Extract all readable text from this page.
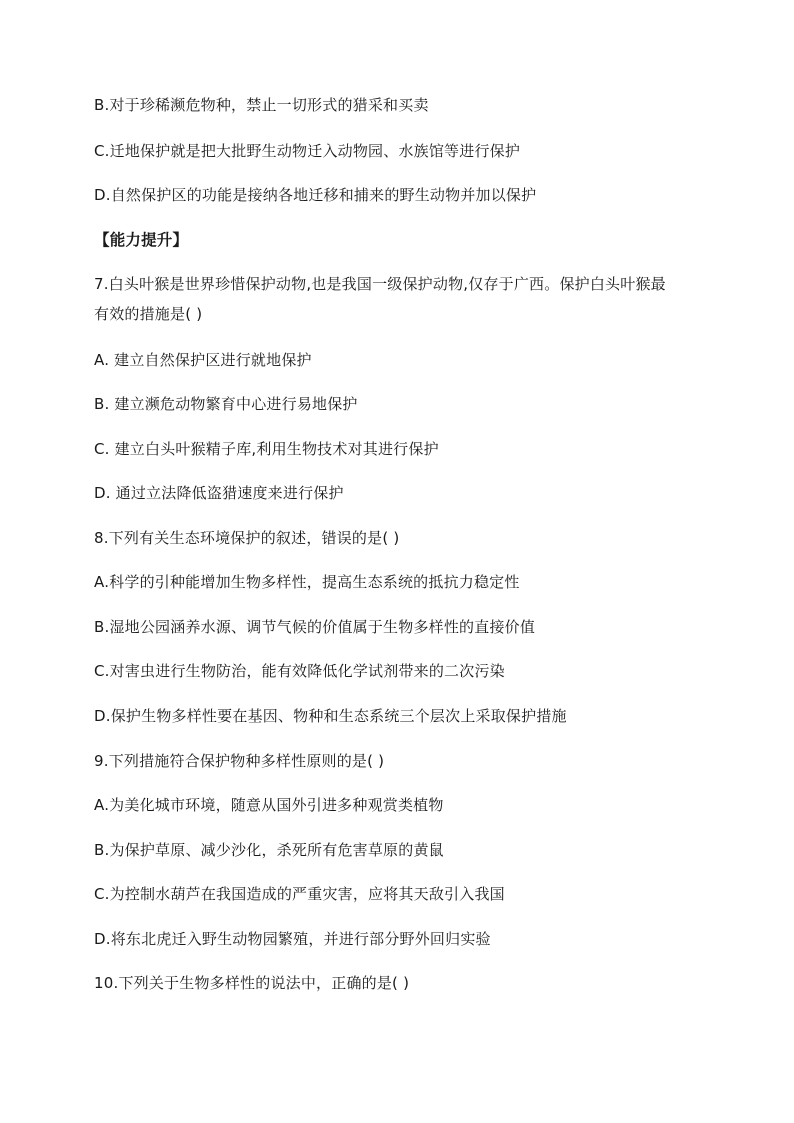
B.对于珍稀濒危物种，禁止一切形式的猎采和买卖
C.迁地保护就是把大批野生动物迁入动物园、水族馆等进行保护
D.自然保护区的功能是接纳各地迁移和捕来的野生动物并加以保护
【能力提升】
7.白头叶猴是世界珍惜保护动物,也是我国一级保护动物,仅存于广西。保护白头叶猴最
有效的措施是( )
A. 建立自然保护区进行就地保护
B. 建立濒危动物繁育中心进行易地保护
C. 建立白头叶猴精子库,利用生物技术对其进行保护
D. 通过立法降低盗猎速度来进行保护
8.下列有关生态环境保护的叙述，错误的是( )
A.科学的引种能增加生物多样性，提高生态系统的抵抗力稳定性
B.湿地公园涵养水源、调节气候的价值属于生物多样性的直接价值
C.对害虫进行生物防治，能有效降低化学试剂带来的二次污染
D.保护生物多样性要在基因、物种和生态系统三个层次上采取保护措施
9.下列措施符合保护物种多样性原则的是( )
A.为美化城市环境，随意从国外引进多种观赏类植物
B.为保护草原、减少沙化，杀死所有危害草原的黄鼠
C.为控制水葫芦在我国造成的严重灾害，应将其天敌引入我国
D.将东北虎迁入野生动物园繁殖，并进行部分野外回归实验
10.下列关于生物多样性的说法中，正确的是( )
